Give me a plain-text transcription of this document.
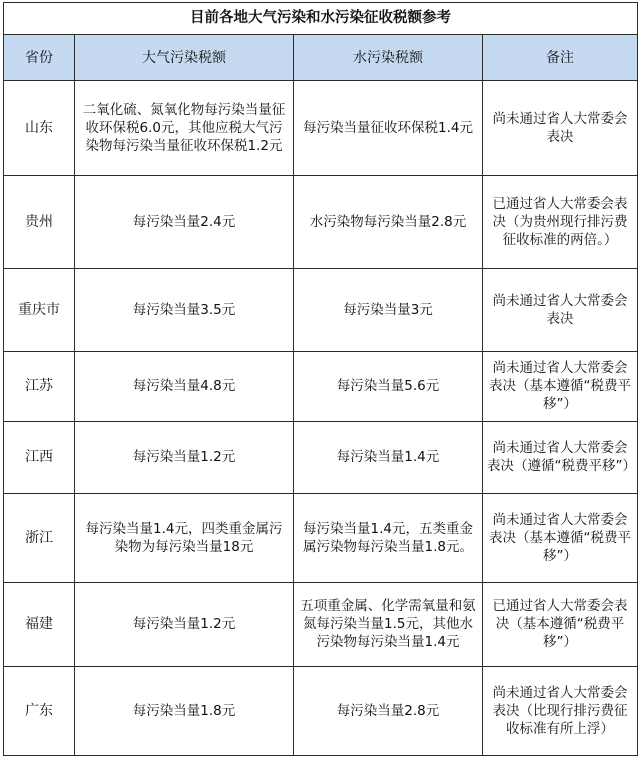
目前各地大气污染和水污染征收税额参考			
省份	大气污染税额	水污染税额	备注
山东	二氧化硫、氮氧化物每污染当量征收环保税6.0元，其他应税大气污染物每污染当量征收环保税1.2元	每污染当量征收环保税1.4元	尚未通过省人大常委会表决
贵州	每污染当量2.4元	水污染物每污染当量2.8元	已通过省人大常委会表决（为贵州现行排污费征收标准的两倍。）
重庆市	每污染当量3.5元	每污染当量3元	尚未通过省人大常委会表决
江苏	每污染当量4.8元	每污染当量5.6元	尚未通过省人大常委会表决（基本遵循“税费平移”）
江西	每污染当量1.2元	每污染当量1.4元	尚未通过省人大常委会表决（遵循“税费平移”）
浙江	每污染当量1.4元，四类重金属污染物为每污染当量18元	每污染当量1.4元，五类重金属污染物每污染当量1.8元。	尚未通过省人大常委会表决（基本遵循“税费平移”）
福建	每污染当量1.2元	五项重金属、化学需氧量和氨氮每污染当量1.5元，其他水污染物每污染当量1.4元	已通过省人大常委会表决（基本遵循“税费平移”）
广东	每污染当量1.8元	每污染当量2.8元	尚未通过省人大常委会表决（比现行排污费征收标准有所上浮）
